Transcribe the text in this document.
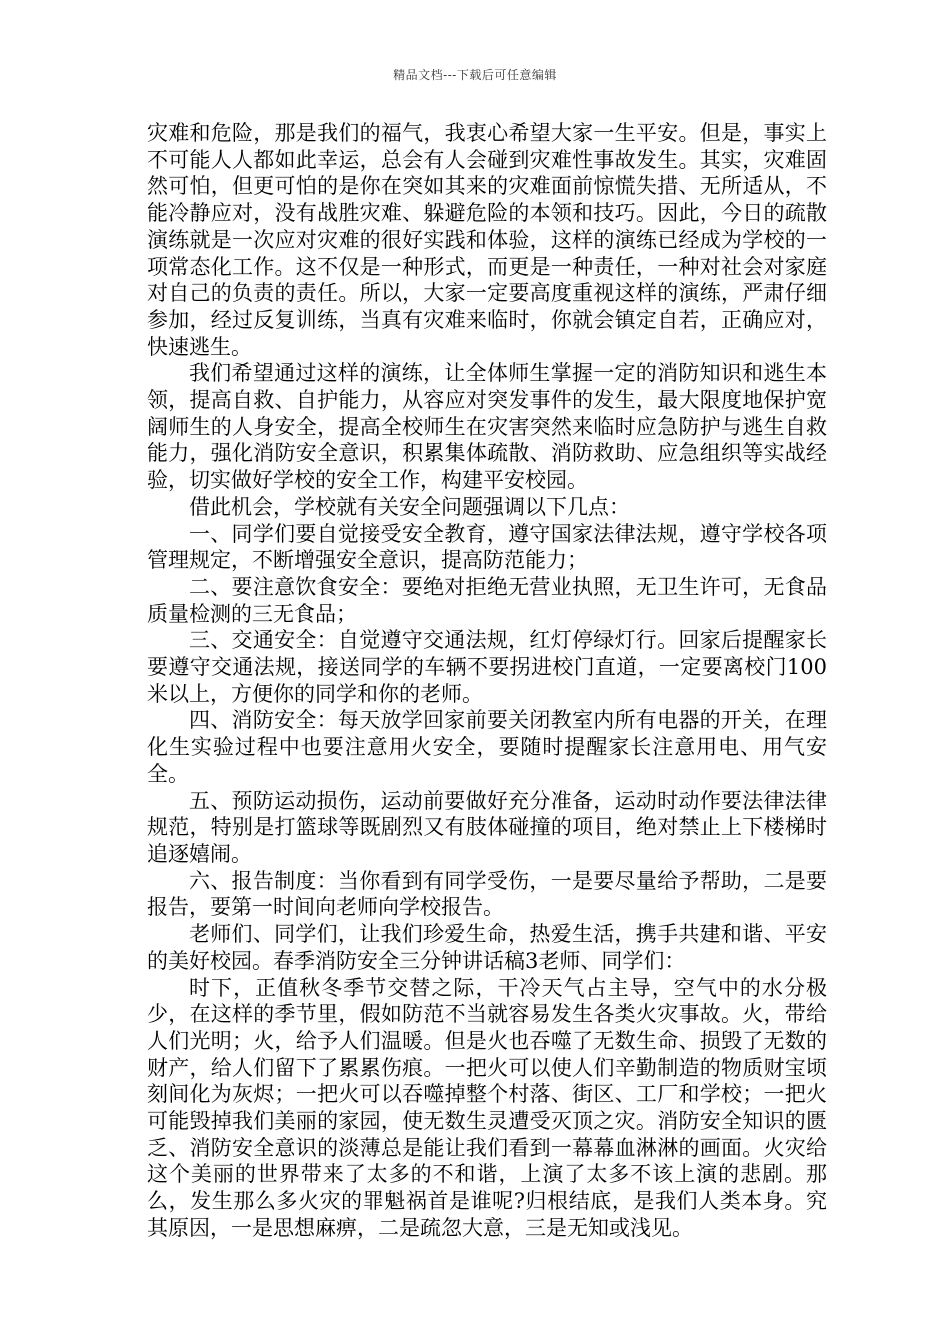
精品文档---下载后可任意编辑

灾难和危险，那是我们的福气，我衷心希望大家一生平安。但是，事实上不可能人人都如此幸运，总会有人会碰到灾难性事故发生。其实，灾难固然可怕，但更可怕的是你在突如其来的灾难面前惊慌失措、无所适从，不能冷静应对，没有战胜灾难、躲避危险的本领和技巧。因此，今日的疏散演练就是一次应对灾难的很好实践和体验，这样的演练已经成为学校的一项常态化工作。这不仅是一种形式，而更是一种责任，一种对社会对家庭对自己的负责的责任。所以，大家一定要高度重视这样的演练，严肃仔细参加，经过反复训练，当真有灾难来临时，你就会镇定自若，正确应对，快速逃生。

我们希望通过这样的演练，让全体师生掌握一定的消防知识和逃生本领，提高自救、自护能力，从容应对突发事件的发生，最大限度地保护宽阔师生的人身安全，提高全校师生在灾害突然来临时应急防护与逃生自救能力，强化消防安全意识，积累集体疏散、消防救助、应急组织等实战经验，切实做好学校的安全工作，构建平安校园。

借此机会，学校就有关安全问题强调以下几点：

一、同学们要自觉接受安全教育，遵守国家法律法规，遵守学校各项管理规定，不断增强安全意识，提高防范能力；

二、要注意饮食安全：要绝对拒绝无营业执照，无卫生许可，无食品质量检测的三无食品；

三、交通安全：自觉遵守交通法规，红灯停绿灯行。回家后提醒家长要遵守交通法规，接送同学的车辆不要拐进校门直道，一定要离校门100米以上，方便你的同学和你的老师。

四、消防安全：每天放学回家前要关闭教室内所有电器的开关，在理化生实验过程中也要注意用火安全，要随时提醒家长注意用电、用气安全。

五、预防运动损伤，运动前要做好充分准备，运动时动作要法律法律规范，特别是打篮球等既剧烈又有肢体碰撞的项目，绝对禁止上下楼梯时追逐嬉闹。

六、报告制度：当你看到有同学受伤，一是要尽量给予帮助，二是要报告，要第一时间向老师向学校报告。

老师们、同学们，让我们珍爱生命，热爱生活，携手共建和谐、平安的美好校园。春季消防安全三分钟讲话稿3老师、同学们：

时下，正值秋冬季节交替之际，干冷天气占主导，空气中的水分极少，在这样的季节里，假如防范不当就容易发生各类火灾事故。火，带给人们光明；火，给予人们温暖。但是火也吞噬了无数生命、损毁了无数的财产，给人们留下了累累伤痕。一把火可以使人们辛勤制造的物质财宝顷刻间化为灰烬；一把火可以吞噬掉整个村落、街区、工厂和学校；一把火可能毁掉我们美丽的家园，使无数生灵遭受灭顶之灾。消防安全知识的匮乏、消防安全意识的淡薄总是能让我们看到一幕幕血淋淋的画面。火灾给这个美丽的世界带来了太多的不和谐，上演了太多不该上演的悲剧。那么，发生那么多火灾的罪魁祸首是谁呢?归根结底，是我们人类本身。究其原因，一是思想麻痹，二是疏忽大意，三是无知或浅见。
